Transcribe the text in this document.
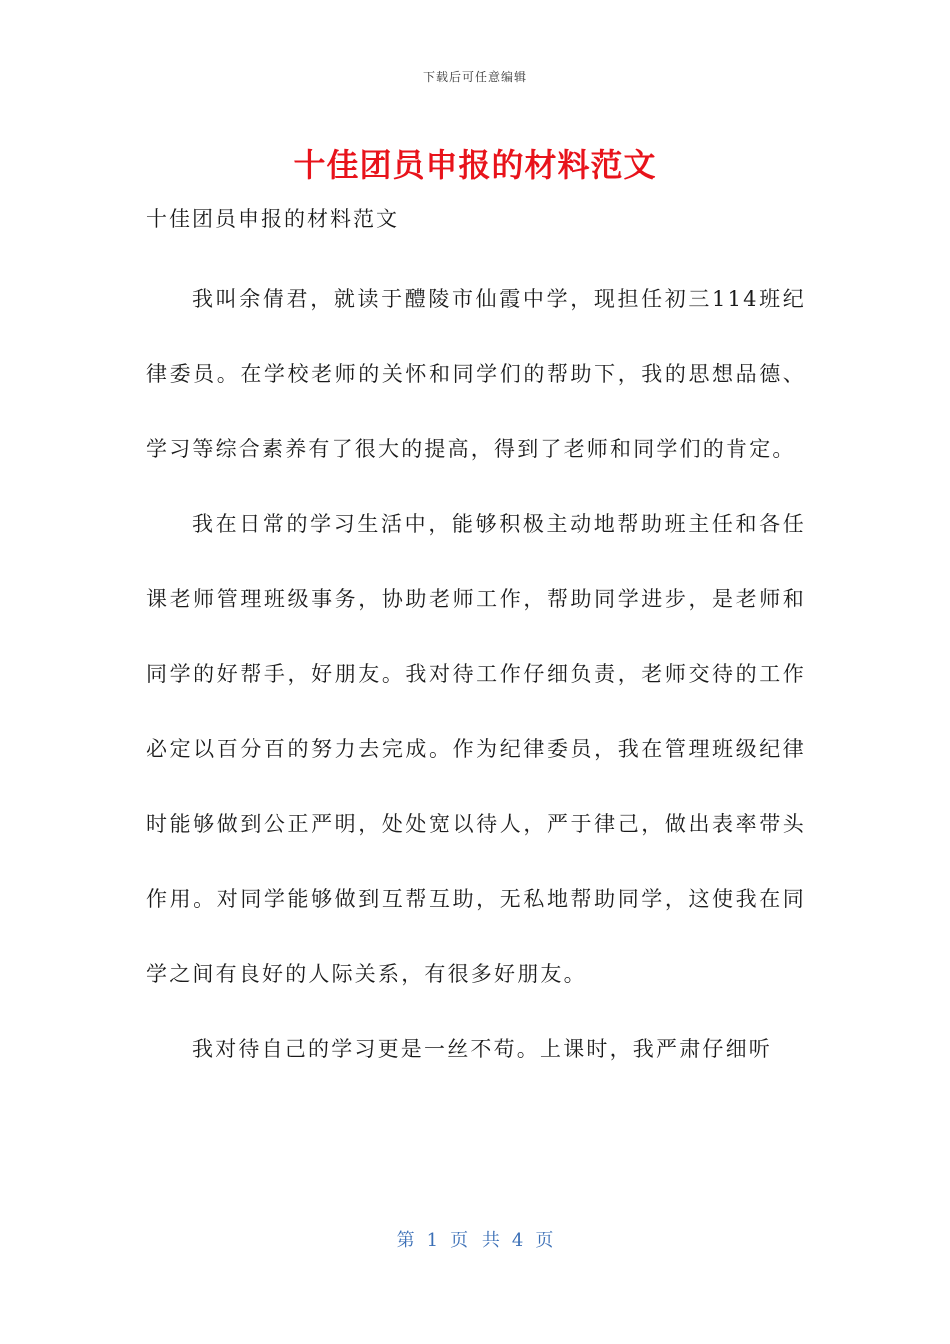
下载后可任意编辑
十佳团员申报的材料范文
十佳团员申报的材料范文

我叫余倩君，就读于醴陵市仙霞中学，现担任初三114班纪律委员。在学校老师的关怀和同学们的帮助下，我的思想品德、学习等综合素养有了很大的提高，得到了老师和同学们的肯定。

我在日常的学习生活中，能够积极主动地帮助班主任和各任课老师管理班级事务，协助老师工作，帮助同学进步，是老师和同学的好帮手，好朋友。我对待工作仔细负责，老师交待的工作必定以百分百的努力去完成。作为纪律委员，我在管理班级纪律时能够做到公正严明，处处宽以待人，严于律己，做出表率带头作用。对同学能够做到互帮互助，无私地帮助同学，这使我在同学之间有良好的人际关系，有很多好朋友。

我对待自己的学习更是一丝不苟。上课时，我严肃仔细听

第 1 页 共 4 页
